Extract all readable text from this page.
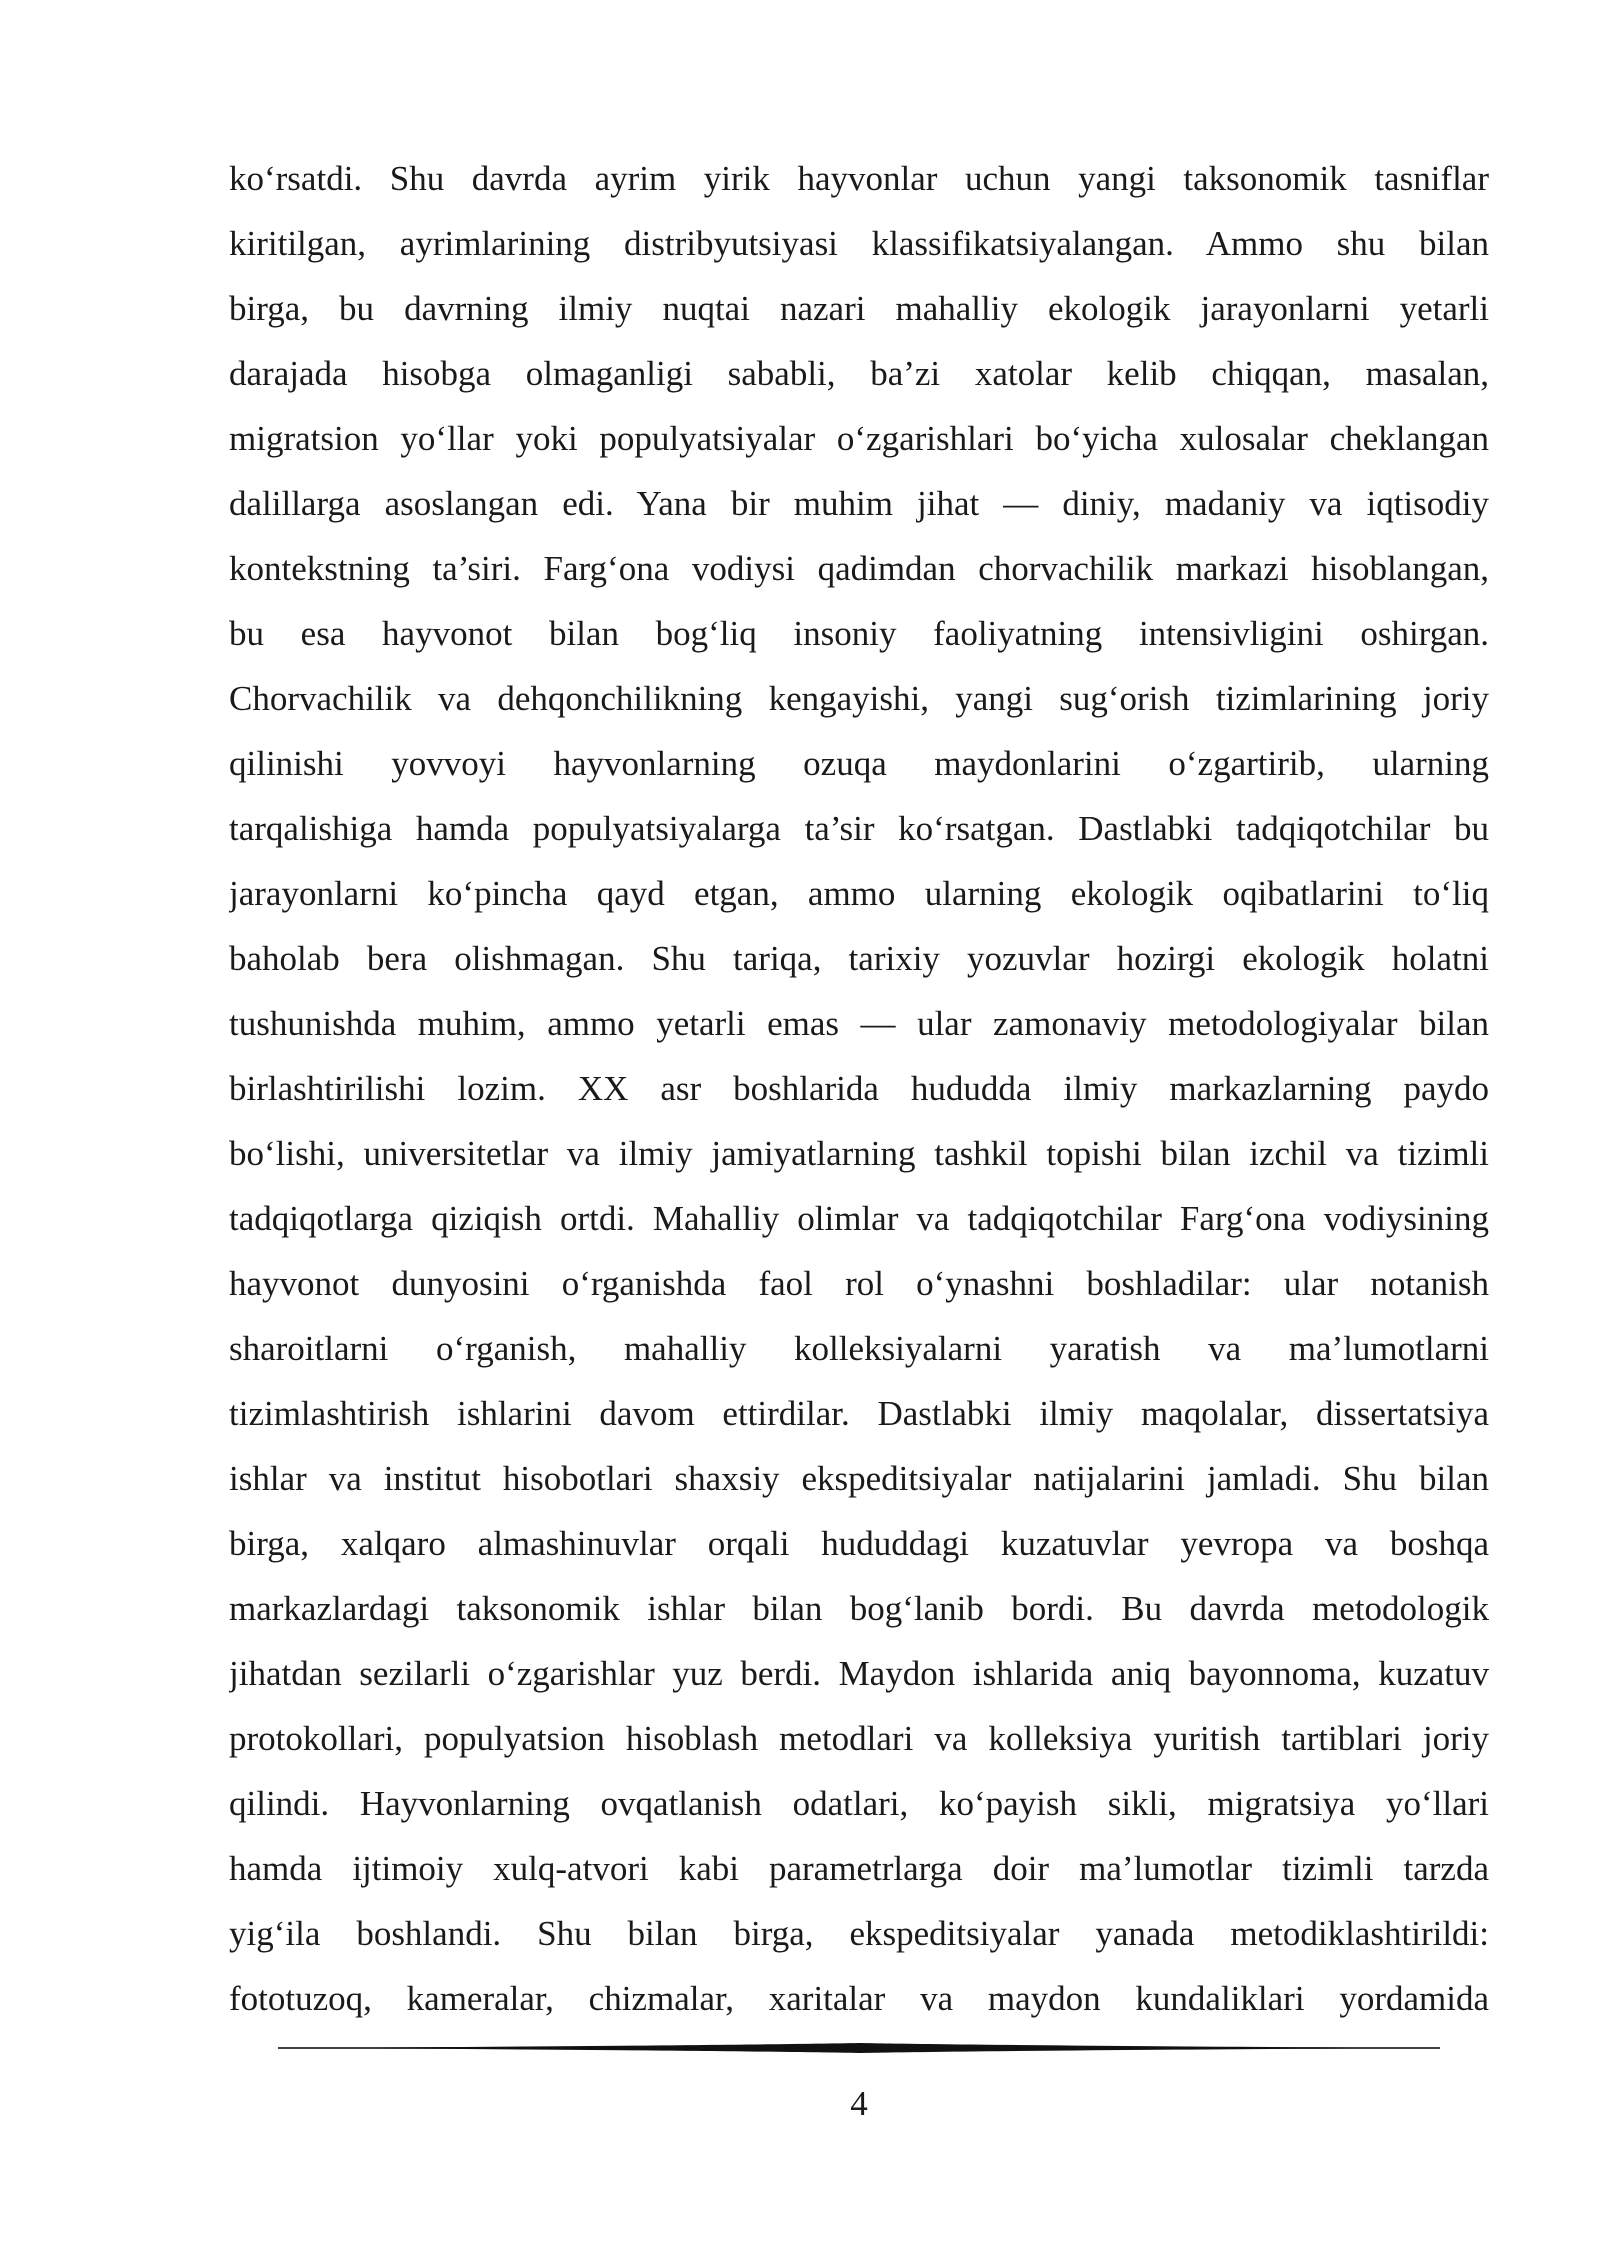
ko‘rsatdi. Shu davrda ayrim yirik hayvonlar uchun yangi taksonomik tasniflar
kiritilgan, ayrimlarining distribyutsiyasi klassifikatsiyalangan. Ammo shu bilan
birga, bu davrning ilmiy nuqtai nazari mahalliy ekologik jarayonlarni yetarli
darajada hisobga olmaganligi sababli, ba’zi xatolar kelib chiqqan, masalan,
migratsion yo‘llar yoki populyatsiyalar o‘zgarishlari bo‘yicha xulosalar cheklangan
dalillarga asoslangan edi. Yana bir muhim jihat — diniy, madaniy va iqtisodiy
kontekstning ta’siri. Farg‘ona vodiysi qadimdan chorvachilik markazi hisoblangan,
bu esa hayvonot bilan bog‘liq insoniy faoliyatning intensivligini oshirgan.
Chorvachilik va dehqonchilikning kengayishi, yangi sug‘orish tizimlarining joriy
qilinishi yovvoyi hayvonlarning ozuqa maydonlarini o‘zgartirib, ularning
tarqalishiga hamda populyatsiyalarga ta’sir ko‘rsatgan. Dastlabki tadqiqotchilar bu
jarayonlarni ko‘pincha qayd etgan, ammo ularning ekologik oqibatlarini to‘liq
baholab bera olishmagan. Shu tariqa, tarixiy yozuvlar hozirgi ekologik holatni
tushunishda muhim, ammo yetarli emas — ular zamonaviy metodologiyalar bilan
birlashtirilishi lozim. XX asr boshlarida hududda ilmiy markazlarning paydo
bo‘lishi, universitetlar va ilmiy jamiyatlarning tashkil topishi bilan izchil va tizimli
tadqiqotlarga qiziqish ortdi. Mahalliy olimlar va tadqiqotchilar Farg‘ona vodiysining
hayvonot dunyosini o‘rganishda faol rol o‘ynashni boshladilar: ular notanish
sharoitlarni o‘rganish, mahalliy kolleksiyalarni yaratish va ma’lumotlarni
tizimlashtirish ishlarini davom ettirdilar. Dastlabki ilmiy maqolalar, dissertatsiya
ishlar va institut hisobotlari shaxsiy ekspeditsiyalar natijalarini jamladi. Shu bilan
birga, xalqaro almashinuvlar orqali hududdagi kuzatuvlar yevropa va boshqa
markazlardagi taksonomik ishlar bilan bog‘lanib bordi. Bu davrda metodologik
jihatdan sezilarli o‘zgarishlar yuz berdi. Maydon ishlarida aniq bayonnoma, kuzatuv
protokollari, populyatsion hisoblash metodlari va kolleksiya yuritish tartiblari joriy
qilindi. Hayvonlarning ovqatlanish odatlari, ko‘payish sikli, migratsiya yo‘llari
hamda ijtimoiy xulq-atvori kabi parametrlarga doir ma’lumotlar tizimli tarzda
yig‘ila boshlandi. Shu bilan birga, ekspeditsiyalar yanada metodiklashtirildi:
fototuzoq, kameralar, chizmalar, xaritalar va maydon kundaliklari yordamida
4
